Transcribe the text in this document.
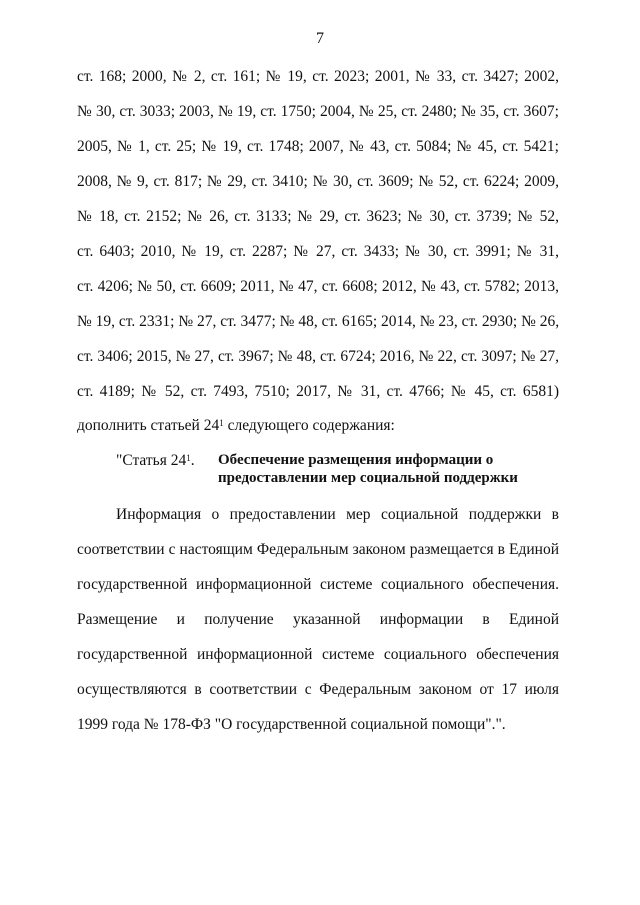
7
ст. 168; 2000, № 2, ст. 161; № 19, ст. 2023; 2001, № 33, ст. 3427; 2002,
№ 30, ст. 3033; 2003, № 19, ст. 1750; 2004, № 25, ст. 2480; № 35, ст. 3607;
2005, № 1, ст. 25; № 19, ст. 1748; 2007, № 43, ст. 5084; № 45, ст. 5421;
2008, № 9, ст. 817; № 29, ст. 3410; № 30, ст. 3609; № 52, ст. 6224; 2009,
№ 18, ст. 2152; № 26, ст. 3133; № 29, ст. 3623; № 30, ст. 3739; № 52,
ст. 6403; 2010, № 19, ст. 2287; № 27, ст. 3433; № 30, ст. 3991; № 31,
ст. 4206; № 50, ст. 6609; 2011, № 47, ст. 6608; 2012, № 43, ст. 5782; 2013,
№ 19, ст. 2331; № 27, ст. 3477; № 48, ст. 6165; 2014, № 23, ст. 2930; № 26,
ст. 3406; 2015, № 27, ст. 3967; № 48, ст. 6724; 2016, № 22, ст. 3097; № 27,
ст. 4189; № 52, ст. 7493, 7510; 2017, № 31, ст. 4766; № 45, ст. 6581)
дополнить статьей $24^1$ следующего содержания:
"Статья $24^1$. Обеспечение размещения информации о
предоставлении мер социальной поддержки
Информация о предоставлении мер социальной поддержки в
соответствии с настоящим Федеральным законом размещается в Единой
государственной информационной системе социального обеспечения.
Размещение и получение указанной информации в Единой
государственной информационной системе социального обеспечения
осуществляются в соответствии с Федеральным законом от 17 июля
1999 года № 178-ФЗ "О государственной социальной помощи".".
